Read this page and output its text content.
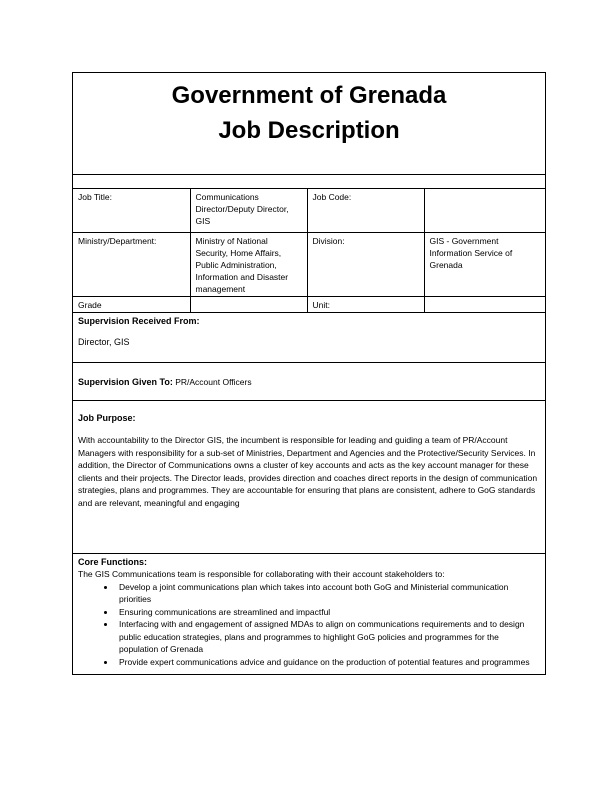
Government of Grenada
Job Description
Job Title:	Communications Director/Deputy Director, GIS	Job Code:	
Ministry/Department:	Ministry of National Security, Home Affairs, Public Administration, Information and Disaster management	Division:	GIS - Government Information Service of Grenada
Grade		Unit:	
Supervision Received From:
Director, GIS
Supervision Given To: PR/Account Officers
Job Purpose:
With accountability to the Director GIS, the incumbent is responsible for leading and guiding a team of PR/Account Managers with responsibility for a sub-set of Ministries, Department and Agencies and the Protective/Security Services. In addition, the Director of Communications owns a cluster of key accounts and acts as the key account manager for these clients and their projects. The Director leads, provides direction and coaches direct reports in the design of communication strategies, plans and programmes. They are accountable for ensuring that plans are consistent, adhere to GoG standards and are relevant, meaningful and engaging
Core Functions:
The GIS Communications team is responsible for collaborating with their account stakeholders to:
• Develop a joint communications plan which takes into account both GoG and Ministerial communication priorities
• Ensuring communications are streamlined and impactful
• Interfacing with and engagement of assigned MDAs to align on communications requirements and to design public education strategies, plans and programmes to highlight GoG policies and programmes for the population of Grenada
• Provide expert communications advice and guidance on the production of potential features and programmes
